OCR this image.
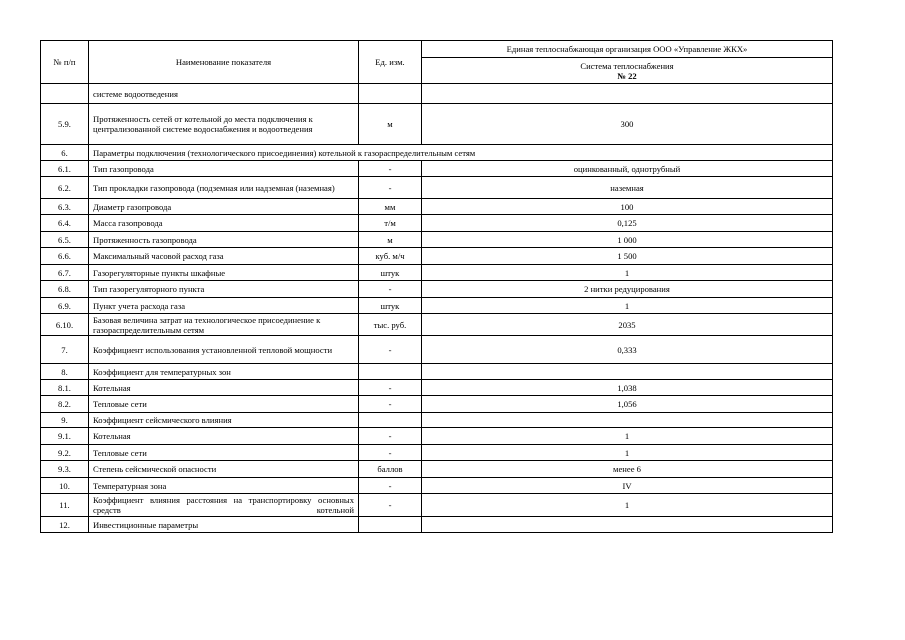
№ п/п	Наименование показателя	Ед. изм.	Единая теплоснабжающая организация ООО «Управление ЖКХ»

			Система теплоснабжения
№ 22

	системе водоотведения		
5.9.	Протяженность сетей от котельной до места подключения к централизованной системе водоснабжения и водоотведения	м	300
6.	Параметры подключения (технологического присоединения) котельной к газораспределительным сетям		
6.1.	Тип газопровода	-	оцинкованный, однотрубный
6.2.	Тип прокладки газопровода (подземная или надземная (наземная)	-	наземная
6.3.	Диаметр газопровода	мм	100
6.4.	Масса газопровода	т/м	0,125
6.5.	Протяженность газопровода	м	1 000
6.6.	Максимальный часовой расход газа	куб. м/ч	1 500
6.7.	Газорегуляторные пункты шкафные	штук	1
6.8.	Тип газорегуляторного пункта	-	2 нитки редуцирования
6.9.	Пункт учета расхода газа	штук	1
6.10.	Базовая величина затрат на технологическое присоединение к газораспределительным сетям	тыс. руб.	2035
7.	Коэффициент использования установленной тепловой мощности	-	0,333
8.	Коэффициент для температурных зон		
8.1.	Котельная	-	1,038
8.2.	Тепловые сети	-	1,056
9.	Коэффициент сейсмического влияния		
9.1.	Котельная	-	1
9.2.	Тепловые сети	-	1
9.3.	Степень сейсмической опасности	баллов	менее 6
10.	Температурная зона	-	IV
11.	Коэффициент влияния расстояния на транспортировку основных средств котельной	-	1
12.	Инвестиционные параметры		
